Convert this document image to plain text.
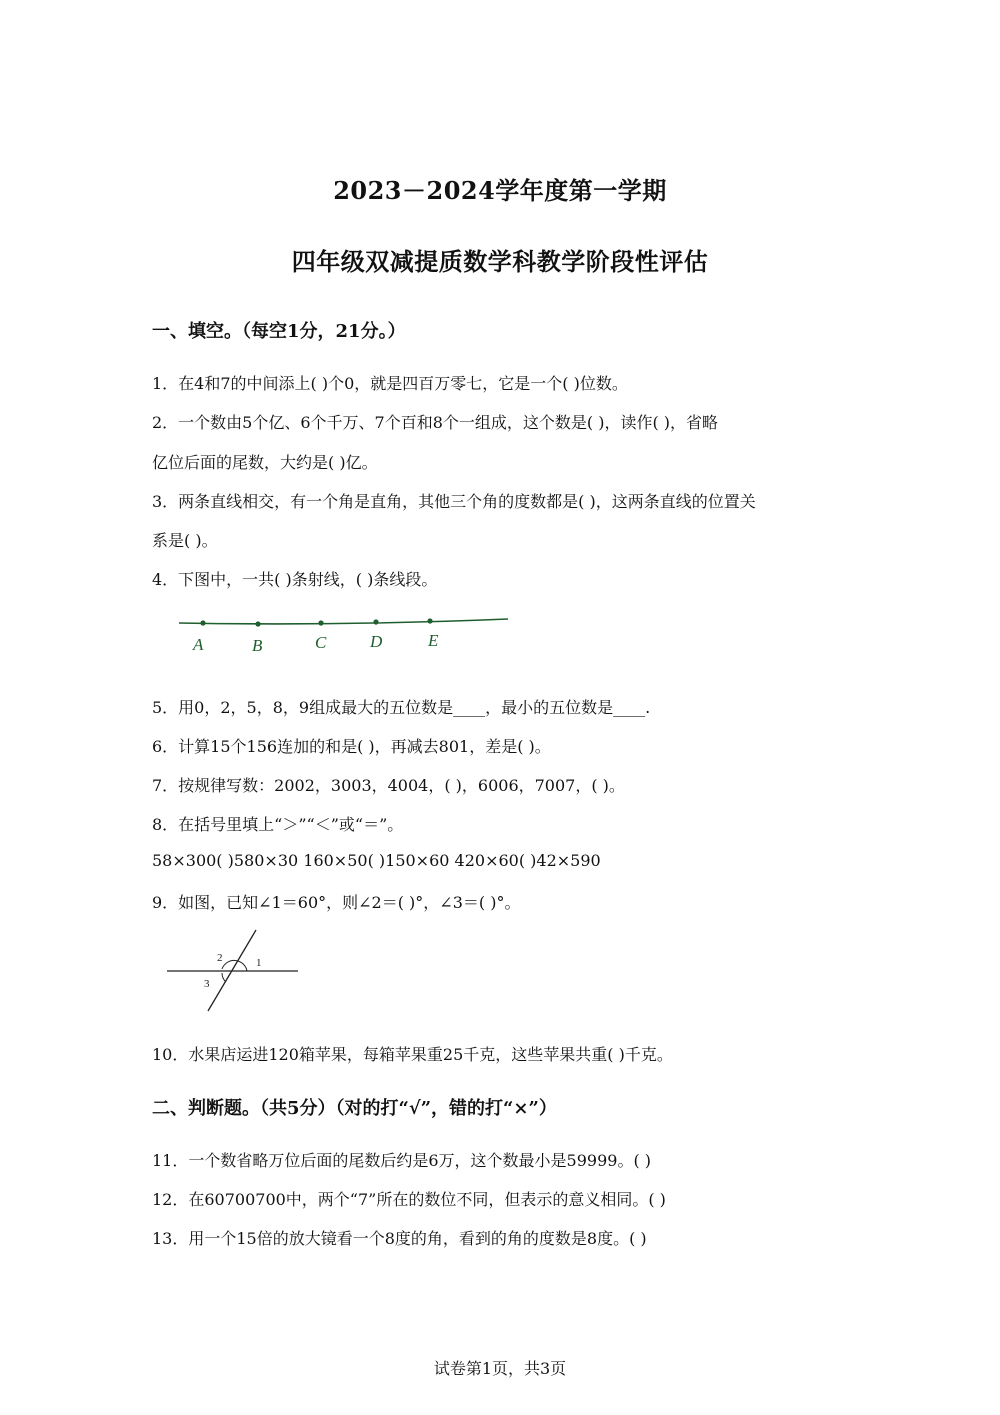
2023－2024学年度第一学期
四年级双减提质数学科教学阶段性评估
一、填空。（每空1分，21分。）
1．在4和7的中间添上( )个0，就是四百万零七，它是一个( )位数。
2．一个数由5个亿、6个千万、7个百和8个一组成，这个数是( )，读作( )，省略
亿位后面的尾数，大约是( )亿。
3．两条直线相交，有一个角是直角，其他三个角的度数都是( )，这两条直线的位置关
系是( )。
4．下图中，一共( )条射线，( )条线段。
A	B	C	D	E
5．用0，2，5，8，9组成最大的五位数是____，最小的五位数是____.
6．计算15个156连加的和是( )，再减去801，差是( )。
7．按规律写数：2002，3003，4004，( )，6006，7007，( )。
8．在括号里填上“＞”“＜”或“＝”。
58×300( )580×30 160×50( )150×60 420×60( )42×590
9．如图，已知∠1＝60°，则∠2＝( )°，∠3＝( )°。
1
2
3
10．水果店运进120箱苹果，每箱苹果重25千克，这些苹果共重( )千克。
二、判断题。（共5分）（对的打“√”，错的打“×”）
11．一个数省略万位后面的尾数后约是6万，这个数最小是59999。( )
12．在60700700中，两个“7”所在的数位不同，但表示的意义相同。( )
13．用一个15倍的放大镜看一个8度的角，看到的角的度数是8度。( )
试卷第1页，共3页
